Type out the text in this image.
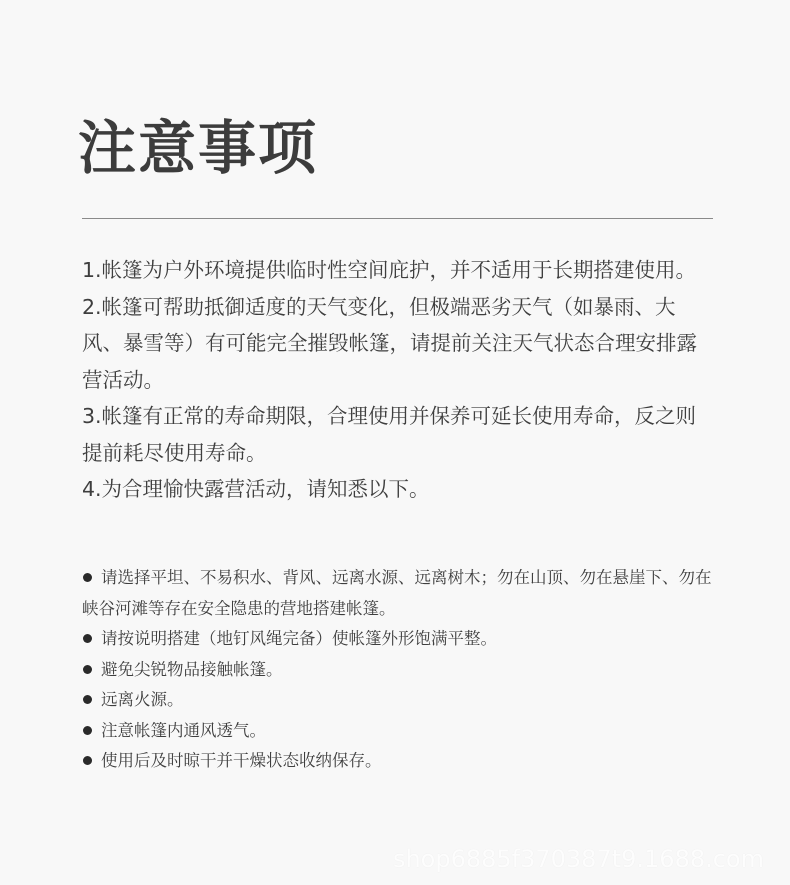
注意事项

1.帐篷为户外环境提供临时性空间庇护，并不适用于长期搭建使用。

2.帐篷可帮助抵御适度的天气变化，但极端恶劣天气（如暴雨、大风、暴雪等）有可能完全摧毁帐篷，请提前关注天气状态合理安排露营活动。

3.帐篷有正常的寿命期限，合理使用并保养可延长使用寿命，反之则提前耗尽使用寿命。

4.为合理愉快露营活动，请知悉以下。

请选择平坦、不易积水、背风、远离水源、远离树木；勿在山顶、勿在悬崖下、勿在峡谷河滩等存在安全隐患的营地搭建帐篷。
请按说明搭建（地钉风绳完备）使帐篷外形饱满平整。
避免尖锐物品接触帐篷。
远离火源。
注意帐篷内通风透气。
使用后及时晾干并干燥状态收纳保存。
shop6885f370387t9.1688.com
